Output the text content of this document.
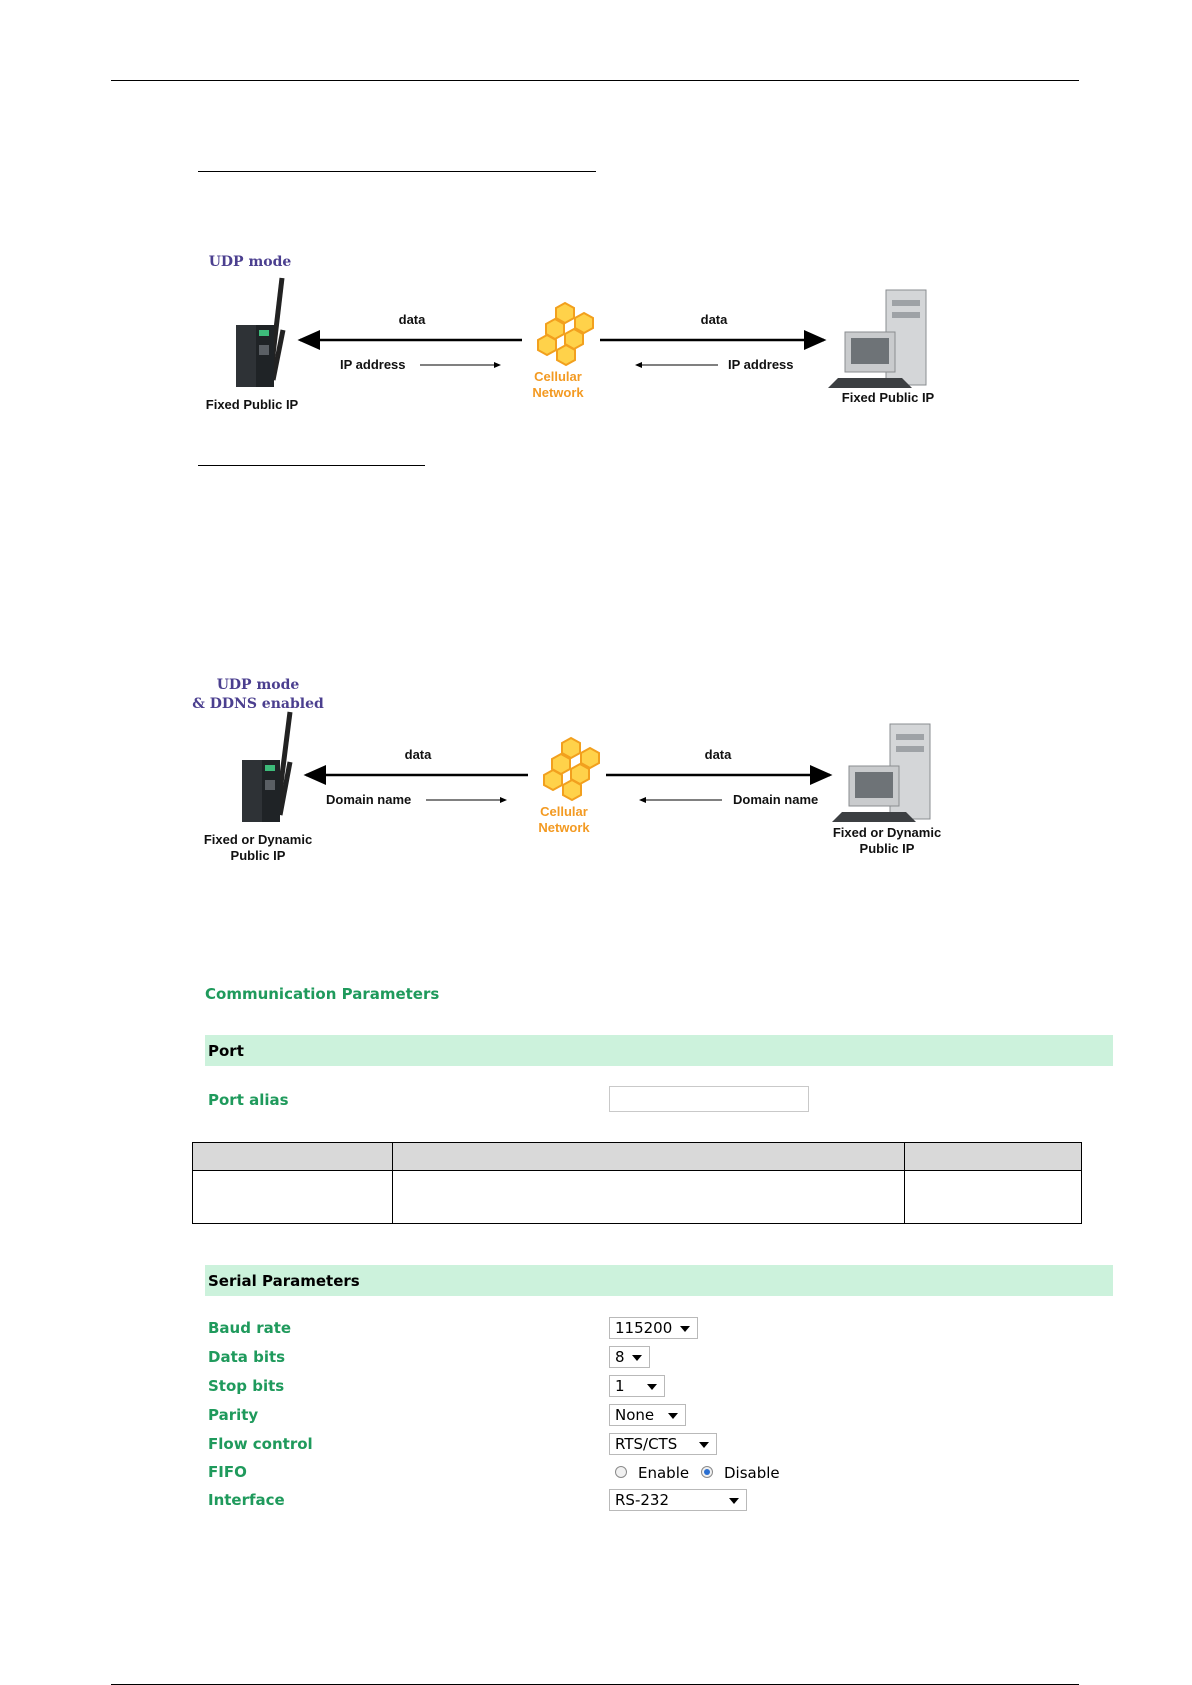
UDP mode
Fixed Public IP
data	data
IP address	IP address
Cellular
Network	Fixed Public IP
UDP mode
& DDNS enabled
Fixed or Dynamic
Public IP
data	data
Domain name	Domain name
Cellular
Network	Fixed or Dynamic
Public IP
Communication Parameters
Port
Port alias

Serial Parameters
Baud rate	115200
Data bits	8
Stop bits	1
Parity	None
Flow control	RTS/CTS
FIFO	Enable Disable
Interface	RS-232
